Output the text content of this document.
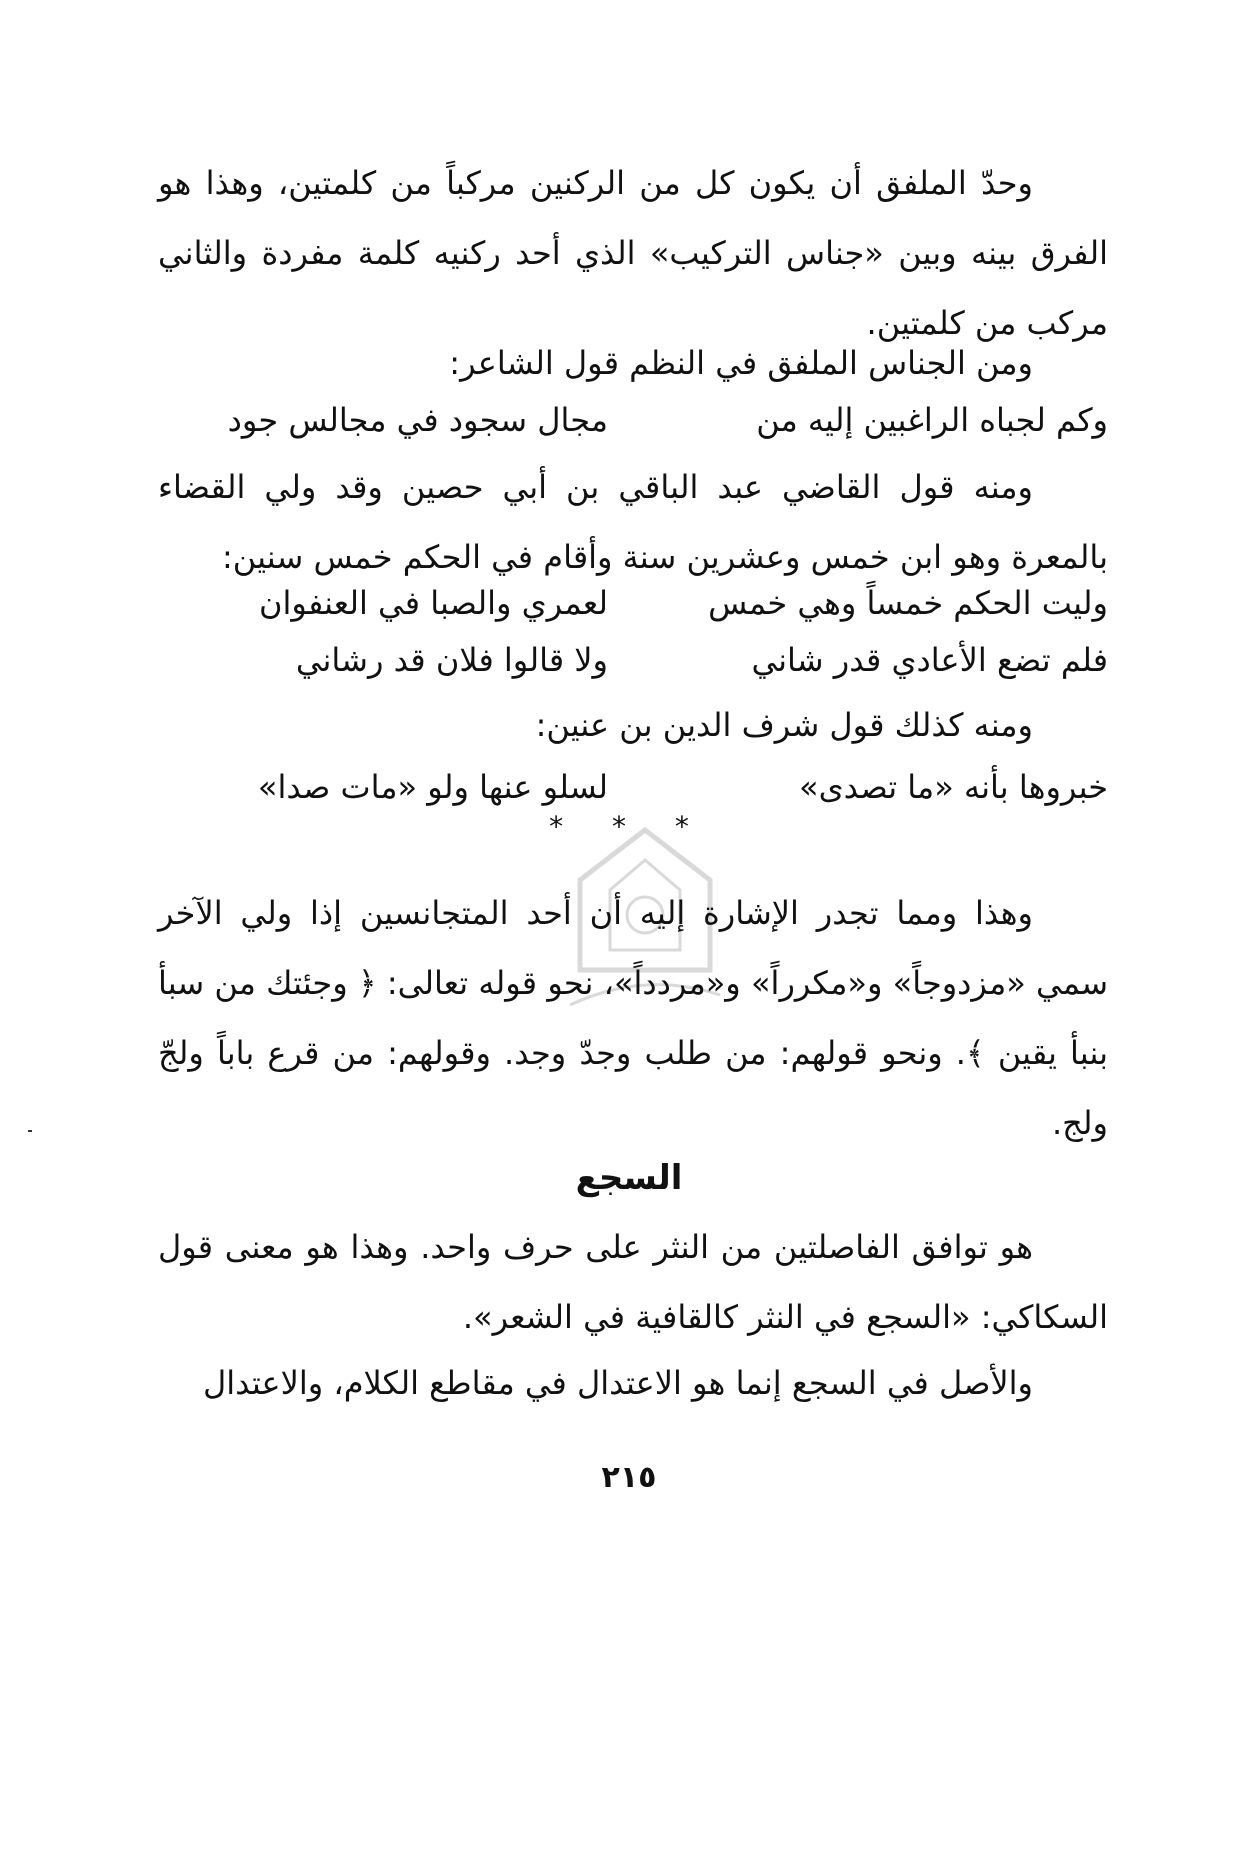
وحدّ الملفق أن يكون كل من الركنين مركباً من كلمتين، وهذا هو الفرق بينه وبين «جناس التركيب» الذي أحد ركنيه كلمة مفردة والثاني مركب من كلمتين.

ومن الجناس الملفق في النظم قول الشاعر:

وكم لجباه الراغبين إليه من
مجال سجود في مجالس جود

ومنه قول القاضي عبد الباقي بن أبي حصين وقد ولي القضاء بالمعرة وهو ابن خمس وعشرين سنة وأقام في الحكم خمس سنين:

وليت الحكم خمساً وهي خمس
لعمري والصبا في العنفوان
فلم تضع الأعادي قدر شاني
ولا قالوا فلان قد رشاني

ومنه كذلك قول شرف الدين بن عنين:

خبروها بأنه «ما تصدى»
لسلو عنها ولو «مات صدا»
* * *

وهذا ومما تجدر الإشارة إليه أن أحد المتجانسين إذا ولي الآخر سمي «مزدوجاً» و«مكرراً» و«مردداً»، نحو قوله تعالى: ﴿ وجئتك من سبأ بنبأ يقين ﴾. ونحو قولهم: من طلب وجدّ وجد. وقولهم: من قرع باباً ولجّ ولج.

السجع

هو توافق الفاصلتين من النثر على حرف واحد. وهذا هو معنى قول السكاكي: «السجع في النثر كالقافية في الشعر».

والأصل في السجع إنما هو الاعتدال في مقاطع الكلام، والاعتدال

٢١٥
